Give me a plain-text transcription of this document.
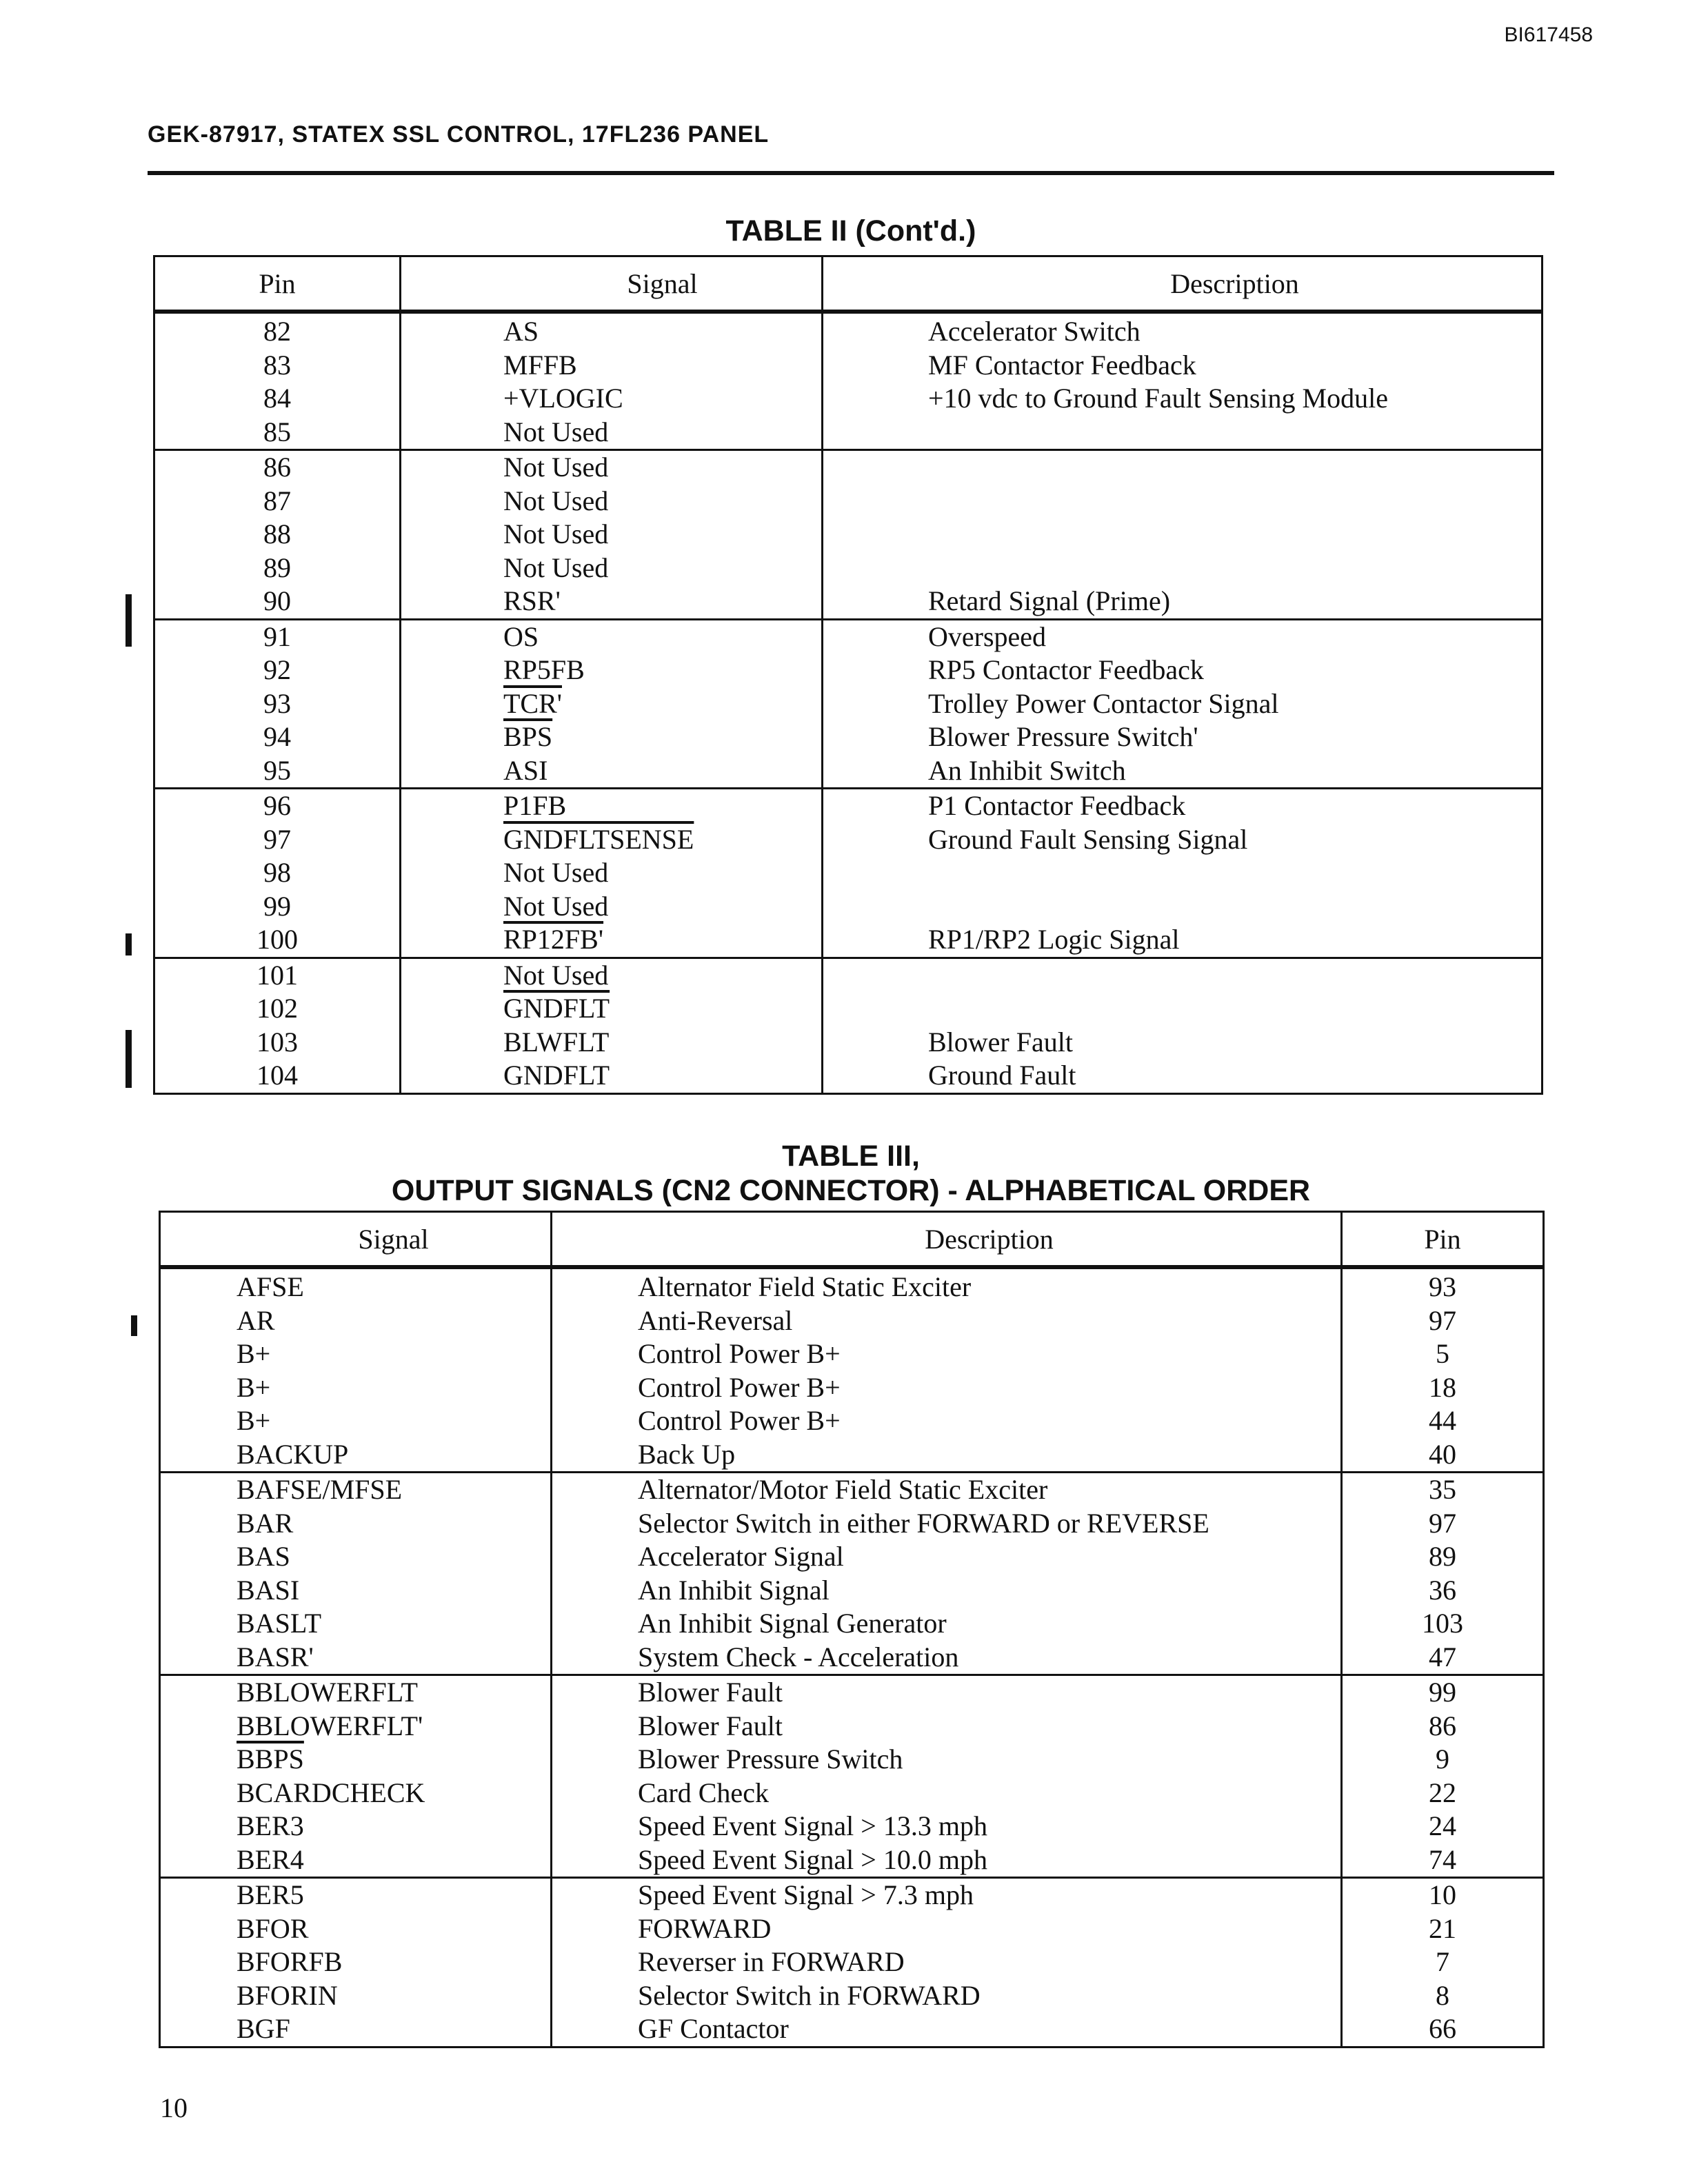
BI617458
GEK-87917, STATEX SSL CONTROL, 17FL236 PANEL
TABLE II (Cont'd.)
Pin	Signal	Description
82	AS	Accelerator Switch
83	MFFB	MF Contactor Feedback
84	+VLOGIC	+10 vdc to Ground Fault Sensing Module
85	Not Used	
86	Not Used	
87	Not Used	
88	Not Used	
89	Not Used	
90	RSR'	Retard Signal (Prime)
91	OS	Overspeed
92	RP5FB	RP5 Contactor Feedback
93	TCR'	Trolley Power Contactor Signal
94	$\overline{BPS}$	Blower Pressure Switch'
95	ASI	An Inhibit Switch
96	P1FB	P1 Contactor Feedback
97	GNDFLTSENSE	Ground Fault Sensing Signal
98	Not Used	
99	Not Used	
100	RP12FB'	RP1/RP2 Logic Signal
101	Not Used	
102	GNDFLT	
103	BLWFLT	Blower Fault
104	GNDFLT	Ground Fault
TABLE III,
OUTPUT SIGNALS (CN2 CONNECTOR) - ALPHABETICAL ORDER
Signal	Description	Pin
AFSE	Alternator Field Static Exciter	93
AR	Anti-Reversal	97
B+	Control Power B+	5
B+	Control Power B+	18
B+	Control Power B+	44
BACKUP	Back Up	40
BAFSE/MFSE	Alternator/Motor Field Static Exciter	35
BAR	Selector Switch in either FORWARD or REVERSE	97
BAS	Accelerator Signal	89
BASI	An Inhibit Signal	36
BASLT	An Inhibit Signal Generator	103
BASR'	System Check - Acceleration	47
BBLOWERFLT	Blower Fault	99
BBLOWERFLT'	Blower Fault	86
BBPS	Blower Pressure Switch	9
BCARDCHECK	Card Check	22
BER3	Speed Event Signal > 13.3 mph	24
BER4	Speed Event Signal > 10.0 mph	74
BER5	Speed Event Signal > 7.3 mph	10
BFOR	FORWARD	21
BFORFB	Reverser in FORWARD	7
BFORIN	Selector Switch in FORWARD	8
BGF	GF Contactor	66
10
